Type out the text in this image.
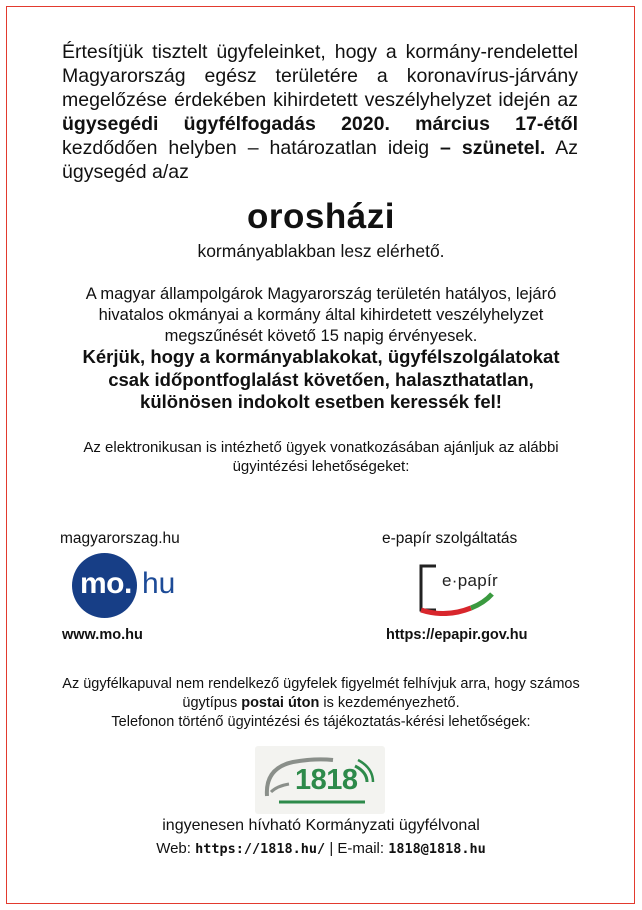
Értesítjük tisztelt ügyfeleinket, hogy a kormány-rendelettel Magyarország egész területére a koronavírus-járvány megelőzése érdekében kihirdetett veszélyhelyzet idején az ügysegédi ügyfélfogadás 2020. március 17-étől kezdődően helyben – határozatlan ideig – szünetel. Az ügysegéd a/az
orosházi
kormányablakban lesz elérhető.
A magyar állampolgárok Magyarország területén hatályos, lejáró hivatalos okmányai a kormány által kihirdetett veszélyhelyzet megszűnését követő 15 napig érvényesek.
Kérjük, hogy a kormányablakokat, ügyfélszolgálatokat csak időpontfoglalást követően, halaszthatatlan, különösen indokolt esetben keressék fel!
Az elektronikusan is intézhető ügyek vonatkozásában ajánljuk az alábbi ügyintézési lehetőségeket:
magyarorszag.hu
mo. hu
www.mo.hu
e-papír szolgáltatás
e·papír
https://epapir.gov.hu
Az ügyfélkapuval nem rendelkező ügyfelek figyelmét felhívjuk arra, hogy számos ügytípus postai úton is kezdeményezhető.
Telefonon történő ügyintézési és tájékoztatás-kérési lehetőségek:
1818
ingyenesen hívható Kormányzati ügyfélvonal
Web: https://1818.hu/ | E-mail: 1818@1818.hu
